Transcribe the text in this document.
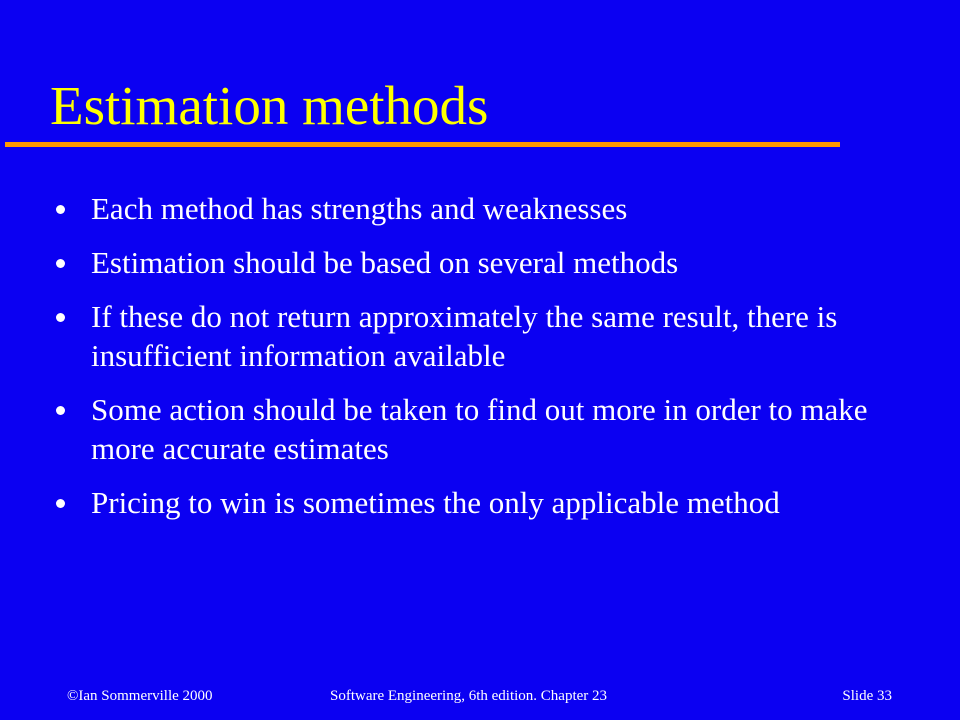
Estimation methods
Each method has strengths and weaknesses
Estimation should be based on several methods
If these do not return approximately the same result, there is insufficient information available
Some action should be taken to find out more in order to make more accurate estimates
Pricing to win is sometimes the only applicable method
©Ian Sommerville 2000	Software Engineering, 6th edition. Chapter 23	Slide 33
